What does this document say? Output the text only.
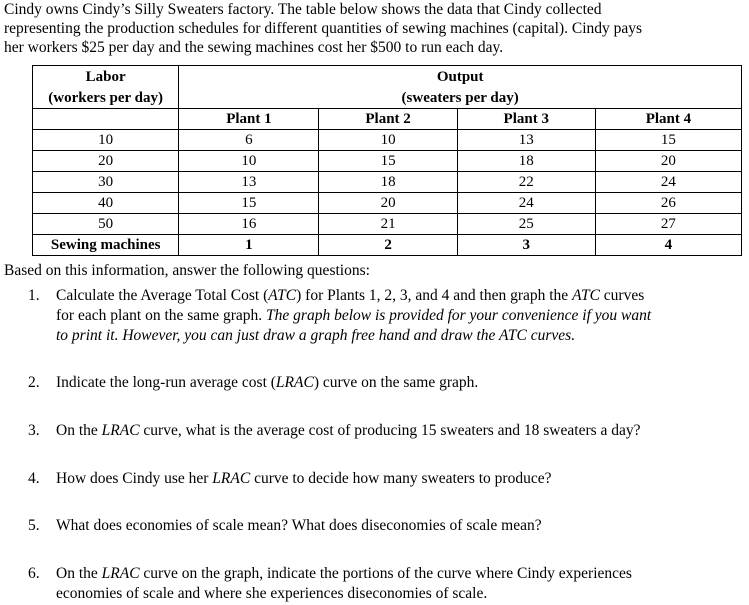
Cindy owns Cindy’s Silly Sweaters factory. The table below shows the data that Cindy collected
representing the production schedules for different quantities of sewing machines (capital). Cindy pays
her workers $25 per day and the sewing machines cost her $500 to run each day.
Labor	Output			
(workers per day)	(sweaters per day)			
	Plant 1	Plant 2	Plant 3	Plant 4
10	6	10	13	15
20	10	15	18	20
30	13	18	22	24
40	15	20	24	26
50	16	21	25	27
Sewing machines	1	2	3	4
Based on this information, answer the following questions:
1. Calculate the Average Total Cost (ATC) for Plants 1, 2, 3, and 4 and then graph the ATC curves
for each plant on the same graph. The graph below is provided for your convenience if you want
to print it. However, you can just draw a graph free hand and draw the ATC curves.
2. Indicate the long-run average cost (LRAC) curve on the same graph.
3. On the LRAC curve, what is the average cost of producing 15 sweaters and 18 sweaters a day?
4. How does Cindy use her LRAC curve to decide how many sweaters to produce?
5. What does economies of scale mean? What does diseconomies of scale mean?
6. On the LRAC curve on the graph, indicate the portions of the curve where Cindy experiences
economies of scale and where she experiences diseconomies of scale.
